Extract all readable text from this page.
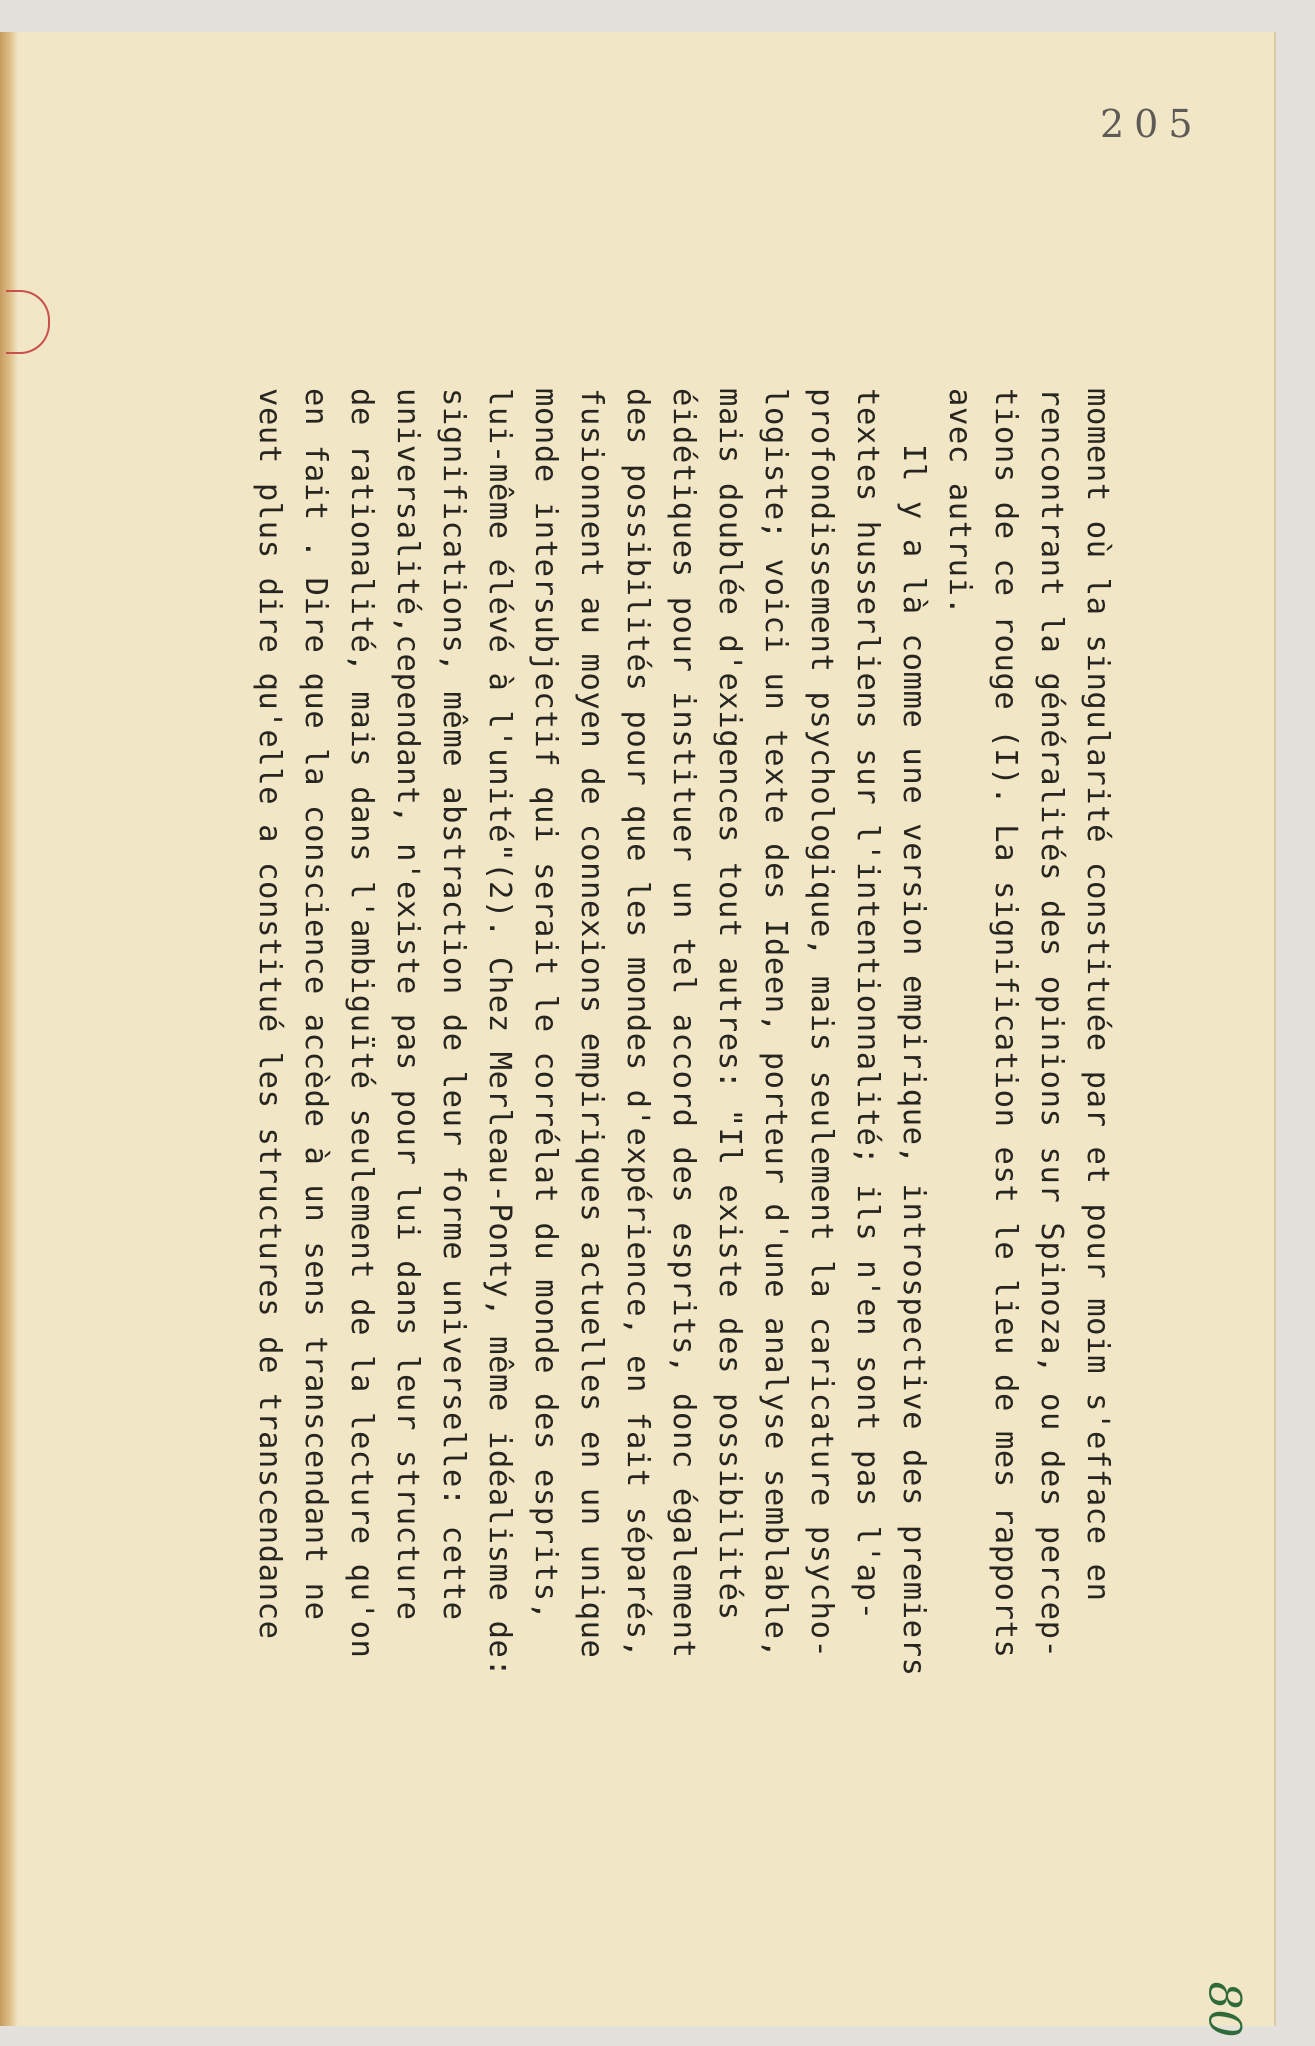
205
80
moment où la singularité constituée par et pour moim s'efface en
rencontrant la généralités des opinions sur Spinoza, ou des percep-
tions de ce rouge (I). La signification est le lieu de mes rapports
avec autrui.
Il y a là comme une version empirique, introspective des premiers
textes husserliens sur l'intentionnalité; ils n'en sont pas l'ap-
profondissement psychologique, mais seulement la caricature psycho-
logiste; voici un texte des Ideen, porteur d'une analyse semblable,
mais doublée d'exigences tout autres: "Il existe des possibilités
éidétiques pour instituer un tel accord des esprits, donc également
des possibilités pour que les mondes d'expérience, en fait séparés,
fusionnent au moyen de connexions empiriques actuelles en un unique
monde intersubjectif qui serait le corrélat du monde des esprits,
lui-même élévé à l'unité"(2). Chez Merleau-Ponty, même idéalisme de:
significations, même abstraction de leur forme universelle: cette
universalité,cependant, n'existe pas pour lui dans leur structure
de rationalité, mais dans l'ambiguïté seulement de la lecture qu'on
en fait . Dire que la conscience accède à un sens transcendant ne
veut plus dire qu'elle a constitué les structures de transcendance
